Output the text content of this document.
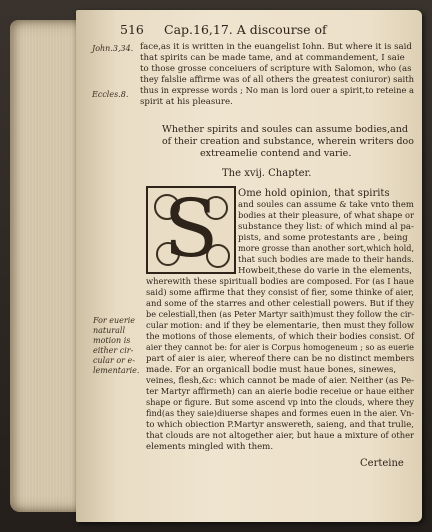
516 Cap.16,17. A discourse of
John.3,34.
Eccles.8.
face,as it is written in the euangelist Iohn. But where it is said
that spirits can be made tame, and at commandement, I saie
to those grosse conceiuers of scripture with Salomon, who (as
they falslie affirme was of all others the greatest coniuror) saith
thus in expresse words ; No man is lord ouer a spirit,to reteine a
spirit at his pleasure.
Whether spirits and soules can assume bodies,and
of their creation and substance, wherein writers doo
extreamelie contend and varie.
The xvij. Chapter.
S	Ome hold opinion, that spirits
and soules can assume & take vnto them
bodies at their pleasure, of what shape or
substance they list: of which mind al pa-
pists, and some protestants are , being
more grosse than another sort,which hold,
that such bodies are made to their hands.
Howbeit,these do varie in the elements,
wherewith these spirituall bodies are composed. For (as I haue
said) some affirme that they consist of fier, some thinke of aier,
and some of the starres and other celestiall powers. But if they
be celestiall,then (as Peter Martyr saith)must they follow the cir-
cular motion: and if they be elementarie, then must they follow
the motions of those elements, of which their bodies consist. Of
aier they cannot be: for aier is Corpus homogeneum ; so as euerie
part of aier is aier, whereof there can be no distinct members
made. For an organicall bodie must haue bones, sinewes,
veines, flesh,&c: which cannot be made of aier. Neither (as Pe-
ter Martyr affirmeth) can an aierie bodie receiue or haue either
shape or figure. But some ascend vp into the clouds, where they
find(as they saie)diuerse shapes and formes euen in the aier. Vn-
to which obiection P.Martyr answereth, saieng, and that trulie,
that clouds are not altogether aier, but haue a mixture of other
elements mingled with them.
For euerie
naturall
motion is
either cir-
cular or e-
lementarie.
Certeine
